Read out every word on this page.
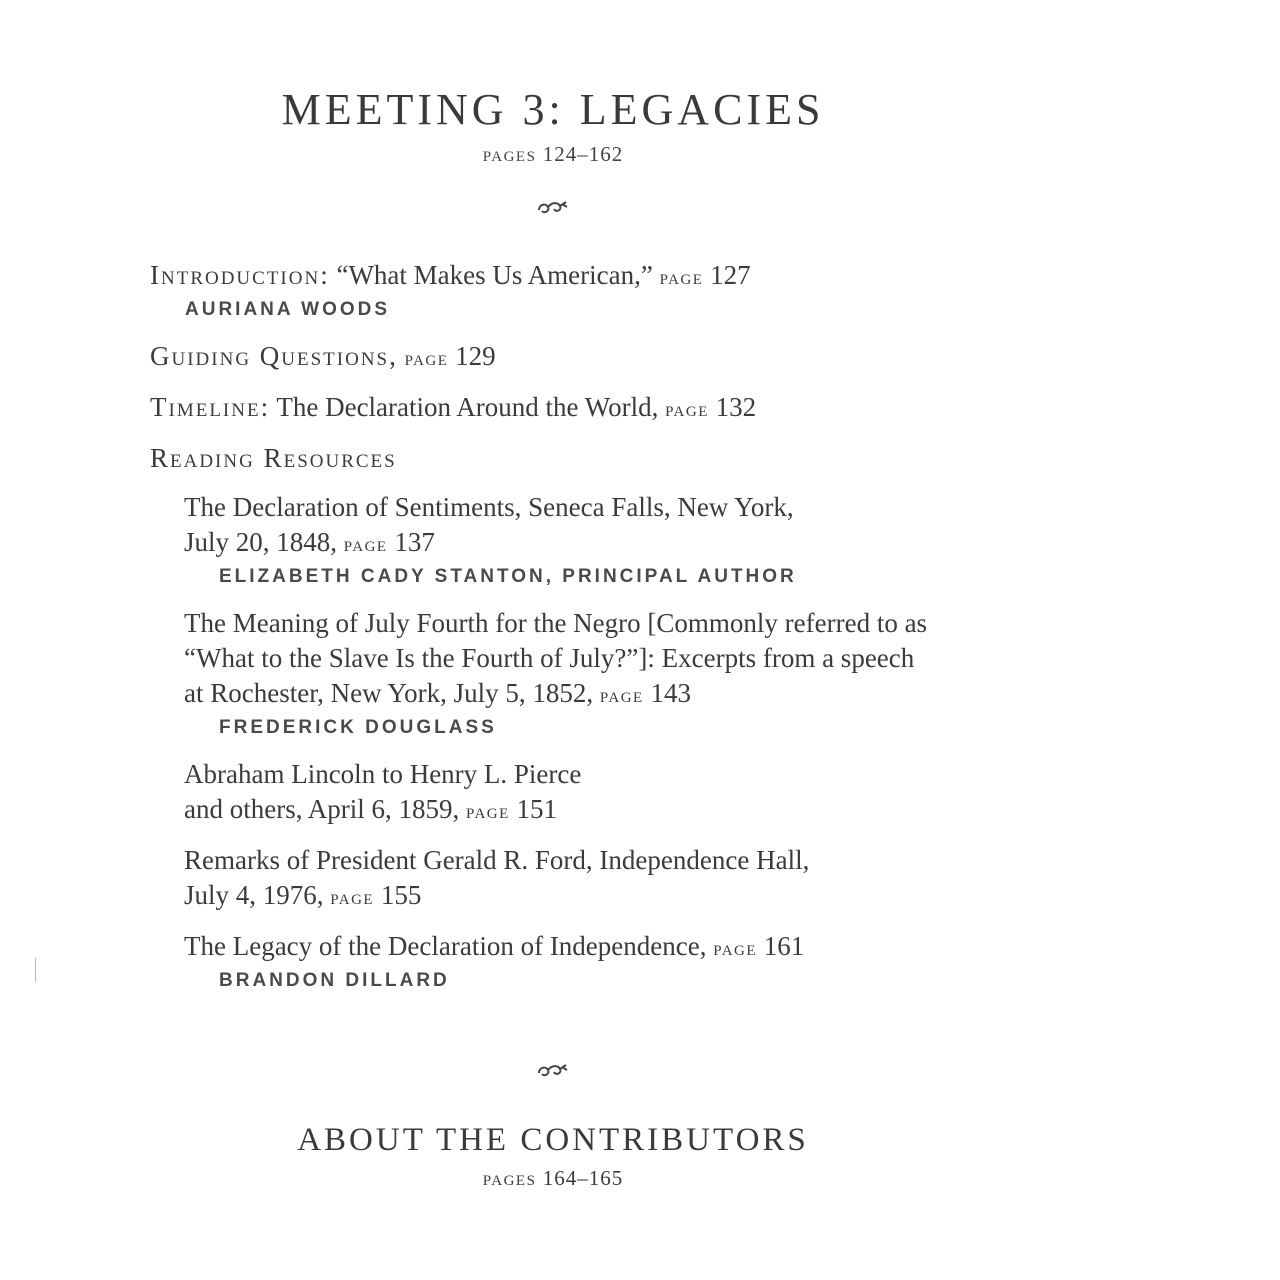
MEETING 3: LEGACIES
pages 124–162
Introduction: “What Makes Us American,” page 127
AURIANA WOODS
Guiding Questions, page 129
Timeline: The Declaration Around the World, page 132
Reading Resources
The Declaration of Sentiments, Seneca Falls, New York,
July 20, 1848, page 137
ELIZABETH CADY STANTON, PRINCIPAL AUTHOR
The Meaning of July Fourth for the Negro [Commonly referred to as
“What to the Slave Is the Fourth of July?”]: Excerpts from a speech
at Rochester, New York, July 5, 1852, page 143
FREDERICK DOUGLASS
Abraham Lincoln to Henry L. Pierce
and others, April 6, 1859, page 151
Remarks of President Gerald R. Ford, Independence Hall,
July 4, 1976, page 155
The Legacy of the Declaration of Independence, page 161
BRANDON DILLARD
ABOUT THE CONTRIBUTORS
pages 164–165
